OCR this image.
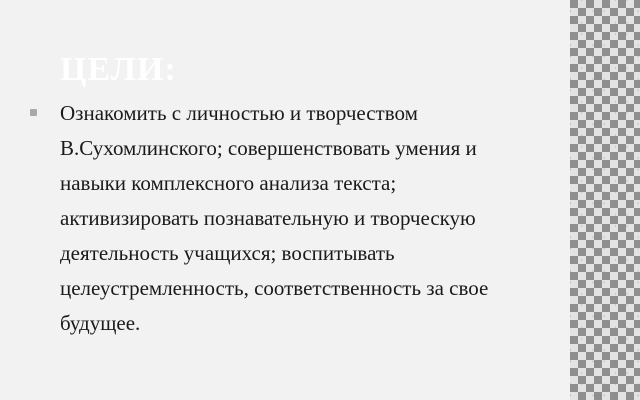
ЦЕЛИ:
Ознакомить с личностью и творчеством В.Сухомлинского; совершенствовать умения и навыки комплексного анализа текста; активизировать познавательную и творческую деятельность учащихся; воспитывать целеустремленность, соответственность за свое будущее.
